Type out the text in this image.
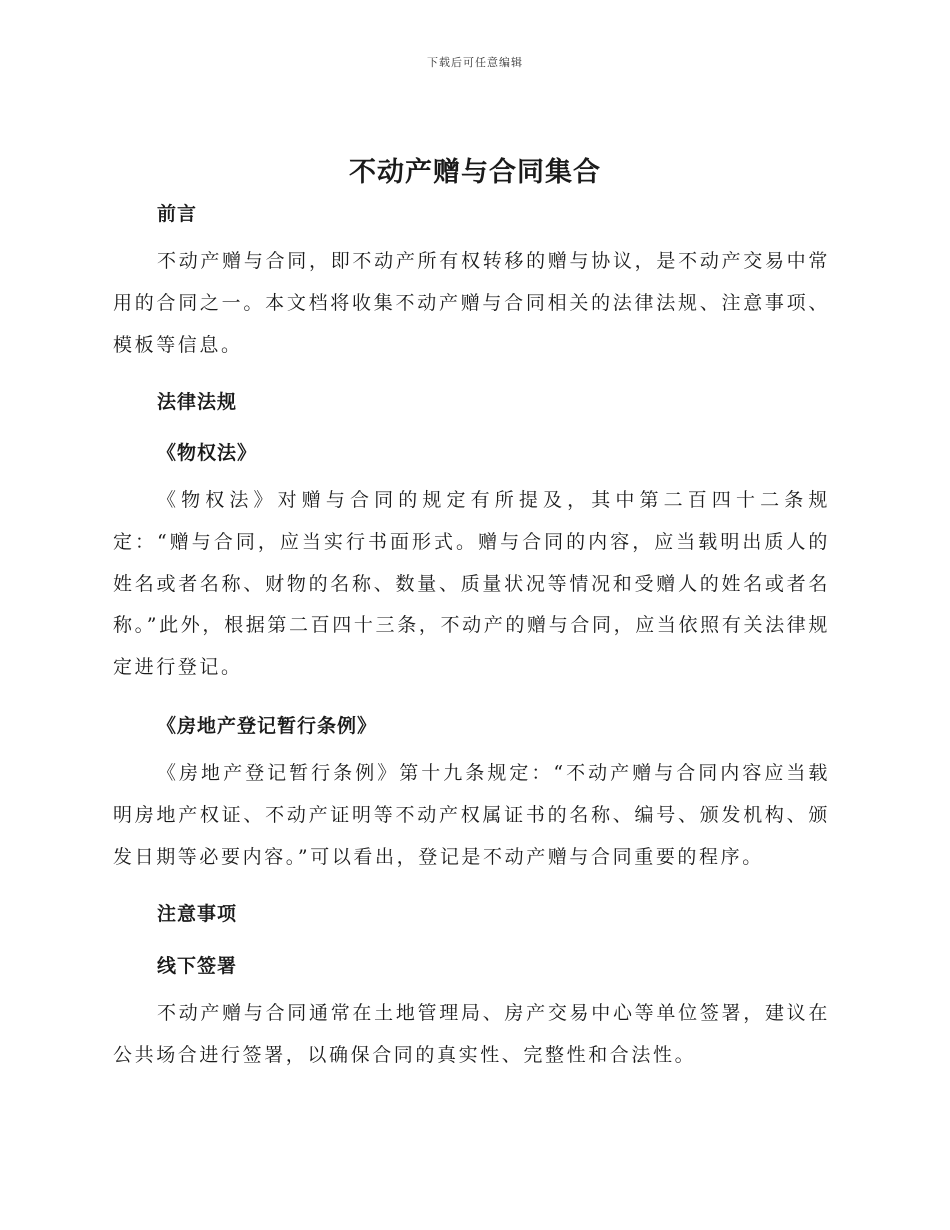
下载后可任意编辑
不动产赠与合同集合
前言
不动产赠与合同，即不动产所有权转移的赠与协议，是不动产交易中常用的合同之一。本文档将收集不动产赠与合同相关的法律法规、注意事项、模板等信息。
法律法规
《物权法》
《物权法》对赠与合同的规定有所提及，其中第二百四十二条规定：“赠与合同，应当实行书面形式。赠与合同的内容，应当载明出质人的姓名或者名称、财物的名称、数量、质量状况等情况和受赠人的姓名或者名称。”此外，根据第二百四十三条，不动产的赠与合同，应当依照有关法律规定进行登记。
《房地产登记暂行条例》
《房地产登记暂行条例》第十九条规定：“不动产赠与合同内容应当载明房地产权证、不动产证明等不动产权属证书的名称、编号、颁发机构、颁发日期等必要内容。”可以看出，登记是不动产赠与合同重要的程序。
注意事项
线下签署
不动产赠与合同通常在土地管理局、房产交易中心等单位签署，建议在公共场合进行签署，以确保合同的真实性、完整性和合法性。
